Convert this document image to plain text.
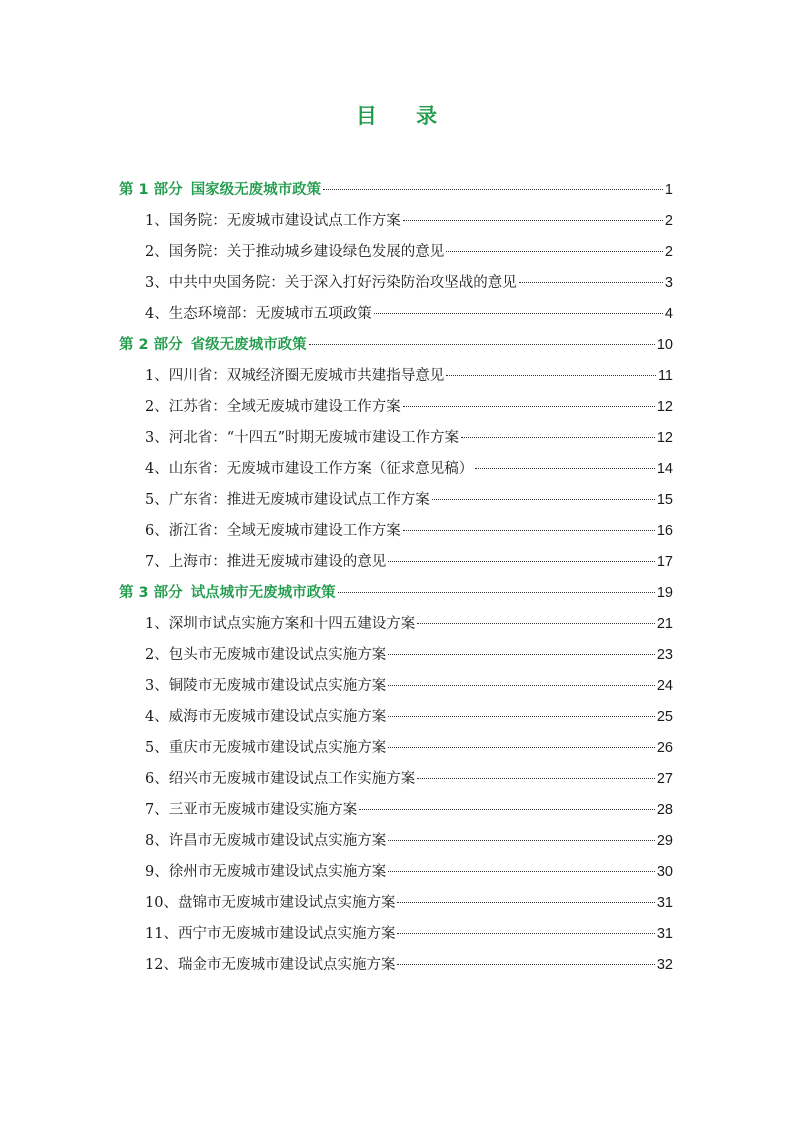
目 录
第 1 部分 国家级无废城市政策	1
1、国务院：无废城市建设试点工作方案	2
2、国务院：关于推动城乡建设绿色发展的意见	2
3、中共中央国务院：关于深入打好污染防治攻坚战的意见	3
4、生态环境部：无废城市五项政策	4
第 2 部分 省级无废城市政策	10
1、四川省：双城经济圈无废城市共建指导意见	11
2、江苏省：全域无废城市建设工作方案	12
3、河北省：“十四五”时期无废城市建设工作方案	12
4、山东省：无废城市建设工作方案（征求意见稿）	14
5、广东省：推进无废城市建设试点工作方案	15
6、浙江省：全域无废城市建设工作方案	16
7、上海市：推进无废城市建设的意见	17
第 3 部分 试点城市无废城市政策	19
1、深圳市试点实施方案和十四五建设方案	21
2、包头市无废城市建设试点实施方案	23
3、铜陵市无废城市建设试点实施方案	24
4、威海市无废城市建设试点实施方案	25
5、重庆市无废城市建设试点实施方案	26
6、绍兴市无废城市建设试点工作实施方案	27
7、三亚市无废城市建设实施方案	28
8、许昌市无废城市建设试点实施方案	29
9、徐州市无废城市建设试点实施方案	30
10、盘锦市无废城市建设试点实施方案	31
11、西宁市无废城市建设试点实施方案	31
12、瑞金市无废城市建设试点实施方案	32
